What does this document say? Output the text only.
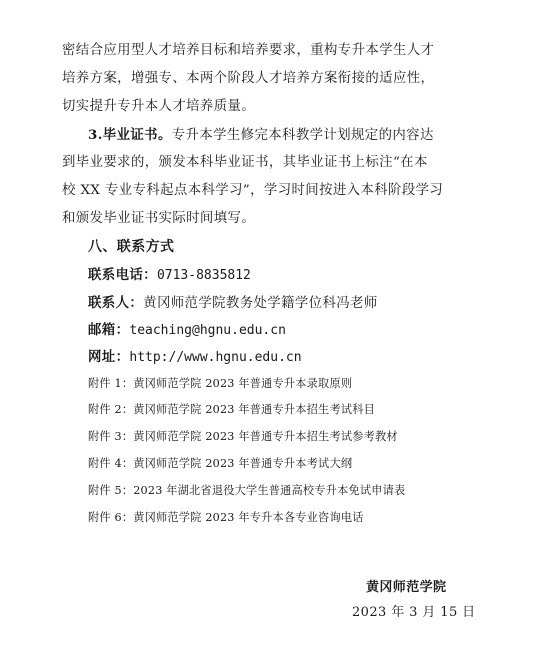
密结合应用型人才培养目标和培养要求，重构专升本学生人才
培养方案，增强专、本两个阶段人才培养方案衔接的适应性，
切实提升专升本人才培养质量。
3.毕业证书。专升本学生修完本科教学计划规定的内容达
到毕业要求的，颁发本科毕业证书，其毕业证书上标注“在本
校 XX 专业专科起点本科学习”，学习时间按进入本科阶段学习
和颁发毕业证书实际时间填写。
八、联系方式
联系电话：0713-8835812
联系人：黄冈师范学院教务处学籍学位科冯老师
邮箱：teaching@hgnu.edu.cn
网址：http://www.hgnu.edu.cn
附件 1：黄冈师范学院 2023 年普通专升本录取原则
附件 2：黄冈师范学院 2023 年普通专升本招生考试科目
附件 3：黄冈师范学院 2023 年普通专升本招生考试参考教材
附件 4：黄冈师范学院 2023 年普通专升本考试大纲
附件 5：2023 年湖北省退役大学生普通高校专升本免试申请表
附件 6：黄冈师范学院 2023 年专升本各专业咨询电话
黄冈师范学院
2023 年 3 月 15 日
